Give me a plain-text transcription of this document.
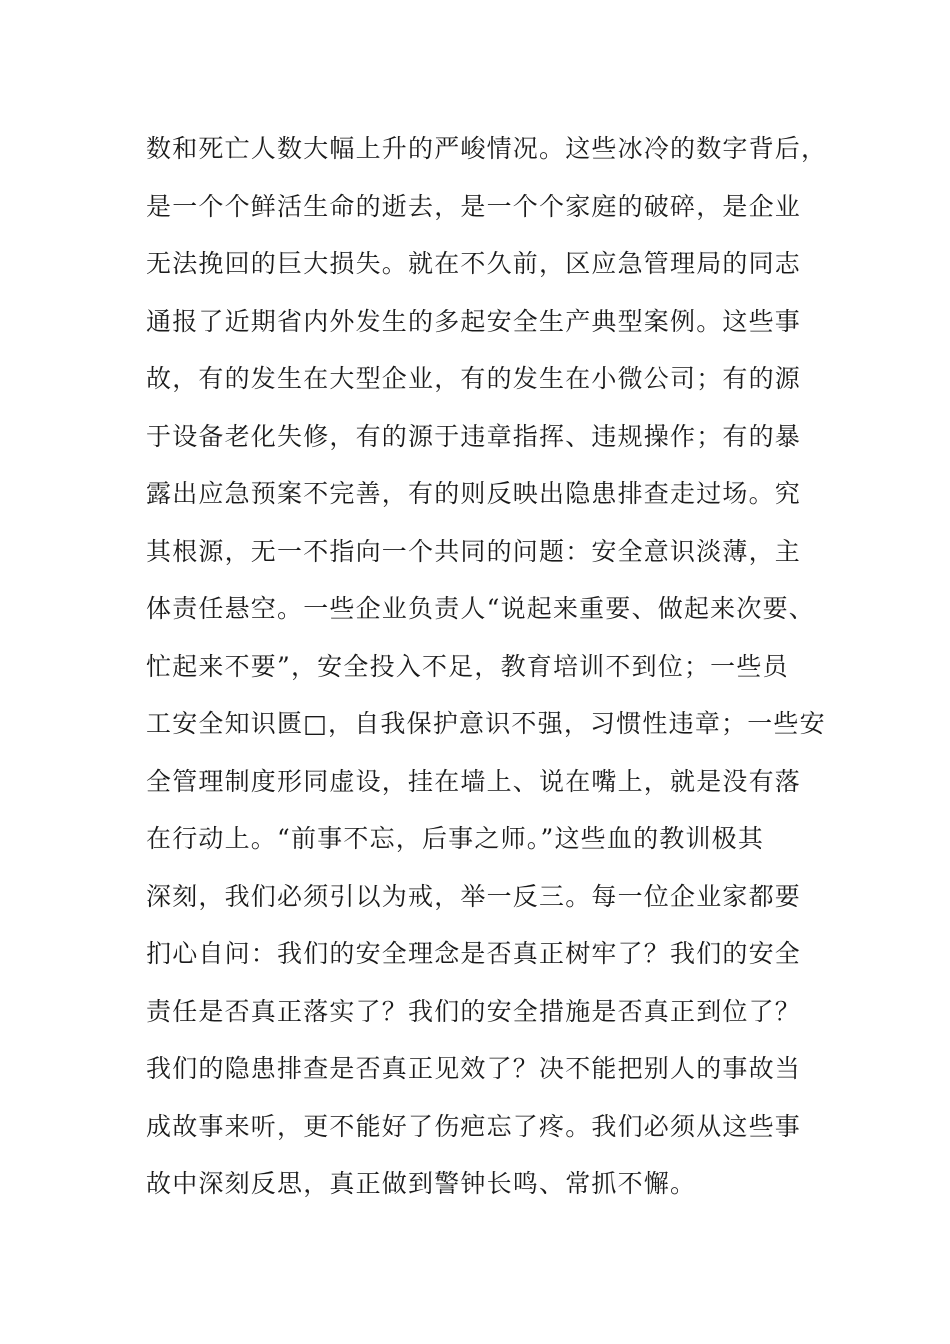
数和死亡人数大幅上升的严峻情况。这些冰冷的数字背后，
是一个个鲜活生命的逝去，是一个个家庭的破碎，是企业
无法挽回的巨大损失。就在不久前，区应急管理局的同志
通报了近期省内外发生的多起安全生产典型案例。这些事
故，有的发生在大型企业，有的发生在小微公司；有的源
于设备老化失修，有的源于违章指挥、违规操作；有的暴
露出应急预案不完善，有的则反映出隐患排查走过场。究
其根源，无一不指向一个共同的问题：安全意识淡薄，主
体责任悬空。一些企业负责人“说起来重要、做起来次要、
忙起来不要”，安全投入不足，教育培训不到位；一些员
工安全知识匮□，自我保护意识不强，习惯性违章；一些安
全管理制度形同虚设，挂在墙上、说在嘴上，就是没有落
在行动上。“前事不忘，后事之师。”这些血的教训极其
深刻，我们必须引以为戒，举一反三。每一位企业家都要
扪心自问：我们的安全理念是否真正树牢了？我们的安全
责任是否真正落实了？我们的安全措施是否真正到位了？
我们的隐患排查是否真正见效了？决不能把别人的事故当
成故事来听，更不能好了伤疤忘了疼。我们必须从这些事
故中深刻反思，真正做到警钟长鸣、常抓不懈。
